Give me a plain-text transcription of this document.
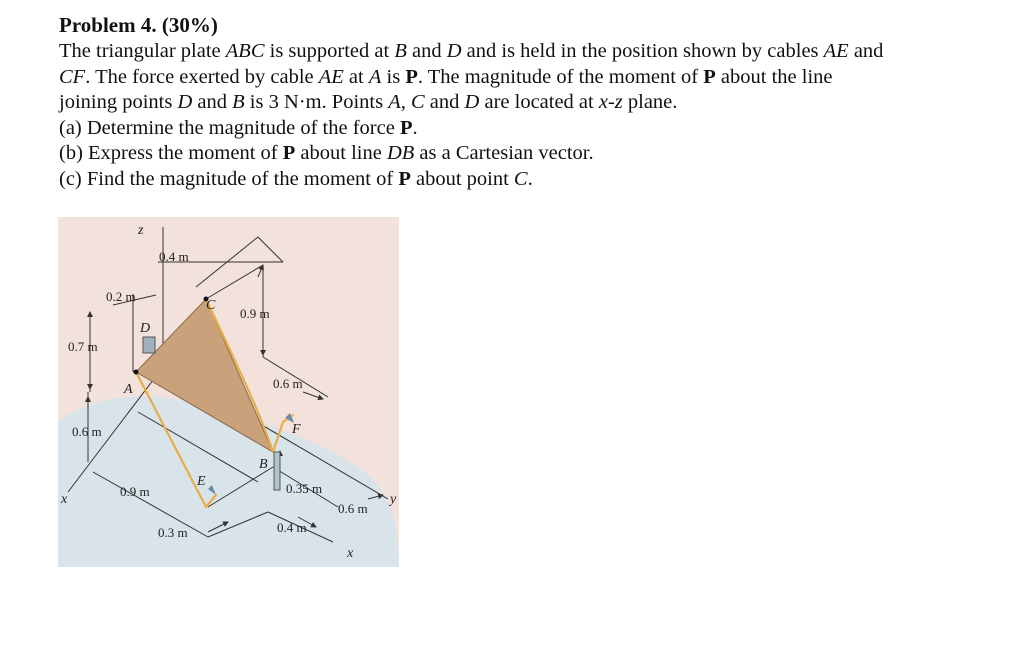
Problem 4. (30%)

The triangular plate ABC is supported at B and D and is held in the position shown by cables AE and
CF. The force exerted by cable AE at A is P. The magnitude of the moment of P about the line
joining points D and B is 3 N·m. Points A, C and D are located at x-z plane.
(a) Determine the magnitude of the force P.
(b) Express the moment of P about line DB as a Cartesian vector.
(c) Find the magnitude of the moment of P about point C.
0.4 m
0.2 m
0.7 m
0.9 m
0.6 m
0.6 m
0.9 m	0.35 m
0.6 m
0.3 m	0.4 m
z
x	y
x
A
B
C
D
E
F
